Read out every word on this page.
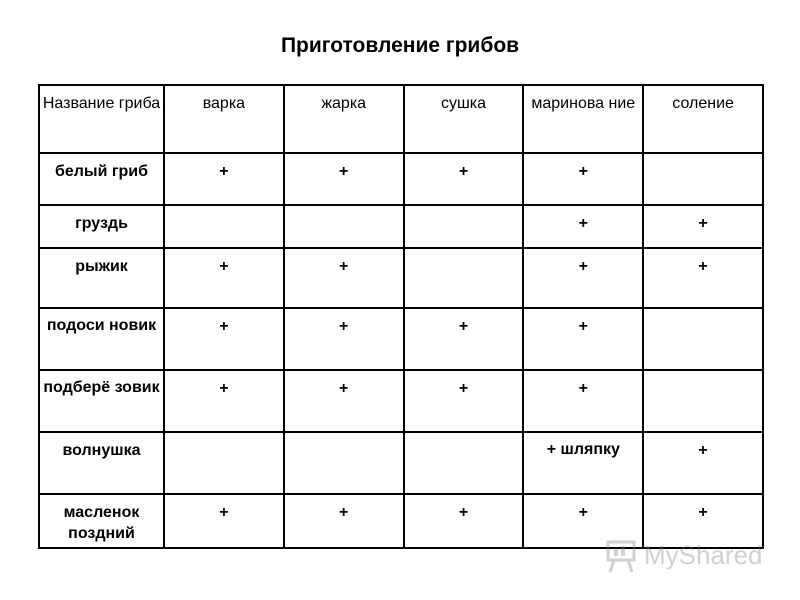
Приготовление грибов
Название гриба	варка	жарка	сушка	маринова ние	соление
белый гриб	+	+	+	+	
груздь				+	+
рыжик	+	+		+	+
подоси новик	+	+	+	+	
подберё зовик	+	+	+	+	
волнушка				+ шляпку	+
масленок поздний	+	+	+	+	+
MyShared
